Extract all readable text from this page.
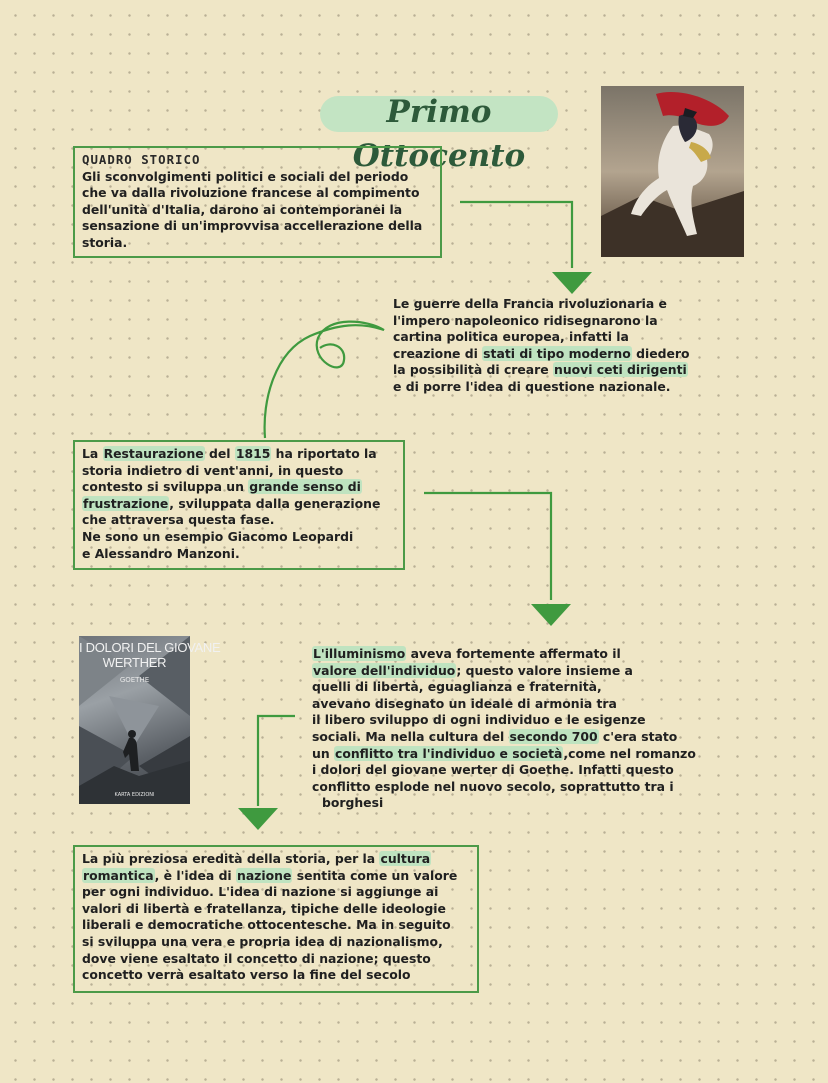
Primo Ottocento
QUADRO STORICO
Gli sconvolgimenti politici e sociali del periodo
che va dalla rivoluzione francese al compimento
dell'unità d'Italia, darono ai contemporanei la
sensazione di un'improvvisa accellerazione della
storia.
Le guerre della Francia rivoluzionaria e
l'impero napoleonico ridisegnarono la
cartina politica europea, infatti la
creazione di stati di tipo moderno diedero
la possibilità di creare nuovi ceti dirigenti
e di porre l'idea di questione nazionale.
La Restaurazione del 1815 ha riportato la
storia indietro di vent'anni, in questo
contesto si sviluppa un grande senso di
frustrazione, sviluppata dalla generazione
che attraversa questa fase.
Ne sono un esempio Giacomo Leopardi
e Alessandro Manzoni.
I DOLORI DEL GIOVANE
WERTHER
GOETHE
KARTA EDIZIONI
L'illuminismo aveva fortemente affermato il
valore dell'individuo; questo valore insieme a
quelli di libertà, eguaglianza e fraternità,
avevano disegnato un ideale di armonia tra
il libero sviluppo di ogni individuo e le esigenze
sociali. Ma nella cultura del secondo 700 c'era stato
un conflitto tra l'individuo e società,come nel romanzo
i dolori del giovane werter di Goethe. Infatti questo
conflitto esplode nel nuovo secolo, soprattutto tra i
borghesi
La più preziosa eredità della storia, per la cultura
romantica, è l'idea di nazione sentita come un valore
per ogni individuo. L'idea di nazione si aggiunge ai
valori di libertà e fratellanza, tipiche delle ideologie
liberali e democratiche ottocentesche. Ma in seguito
si sviluppa una vera e propria idea di nazionalismo,
dove viene esaltato il concetto di nazione; questo
concetto verrà esaltato verso la fine del secolo
